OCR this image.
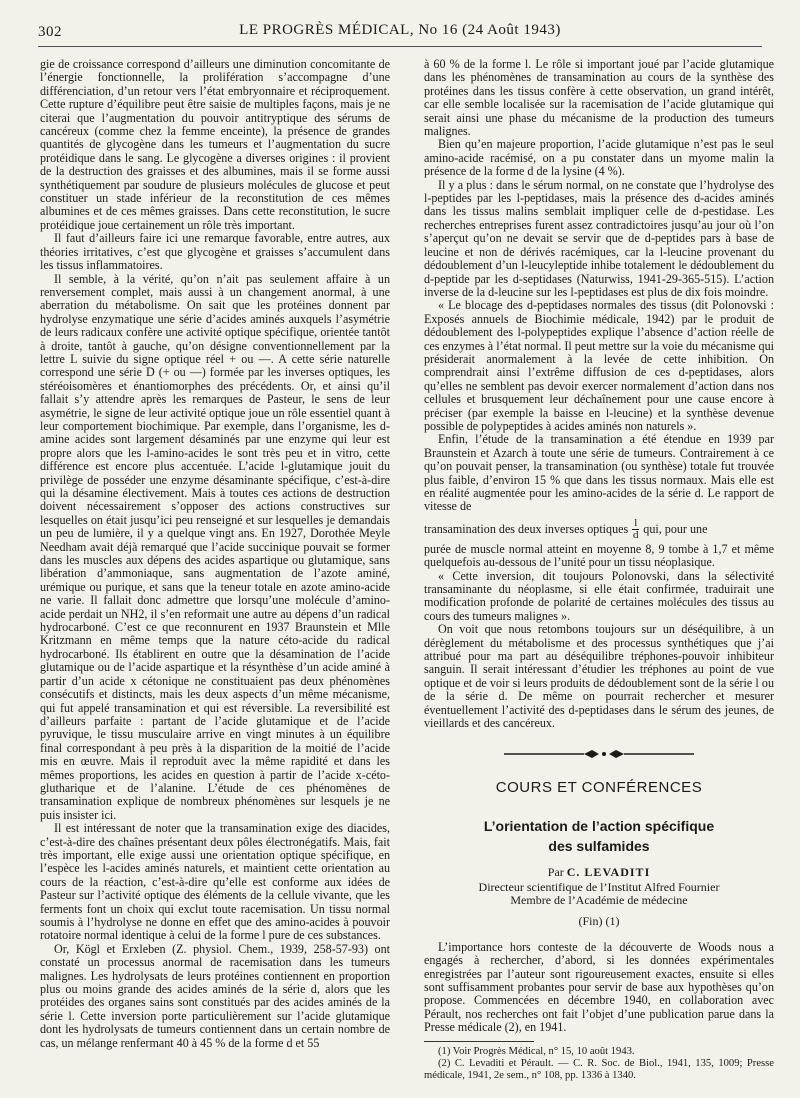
302	LE PROGRÈS MÉDICAL, No 16 (24 Août 1943)

gie de croissance correspond d’ailleurs une diminution concomitante de l’énergie fonctionnelle, la prolifération s’accompagne d’une différenciation, d’un retour vers l’état embryonnaire et réciproquement. Cette rupture d’équilibre peut être saisie de multiples façons, mais je ne citerai que l’augmentation du pouvoir antitryptique des sérums de cancéreux (comme chez la femme enceinte), la présence de grandes quantités de glycogène dans les tumeurs et l’augmentation du sucre protéidique dans le sang. Le glycogène a diverses origines : il provient de la destruction des graisses et des albumines, mais il se forme aussi synthétiquement par soudure de plusieurs molécules de glucose et peut constituer un stade inférieur de la reconstitution de ces mêmes albumines et de ces mêmes graisses. Dans cette reconstitution, le sucre protéidique joue certainement un rôle très important.

Il faut d’ailleurs faire ici une remarque favorable, entre autres, aux théories irritatives, c’est que glycogène et graisses s’accumulent dans les tissus inflammatoires.

Il semble, à la vérité, qu’on n’ait pas seulement affaire à un renversement complet, mais aussi à un changement anormal, à une aberration du métabolisme. On sait que les protéines donnent par hydrolyse enzymatique une série d’acides aminés auxquels l’asymétrie de leurs radicaux confère une activité optique spécifique, orientée tantôt à droite, tantôt à gauche, qu’on désigne conventionnellement par la lettre L suivie du signe optique réel + ou —. A cette série naturelle correspond une série D (+ ou —) formée par les inverses optiques, les stéréoisomères et énantiomorphes des précédents. Or, et ainsi qu’il fallait s’y attendre après les remarques de Pasteur, le sens de leur asymétrie, le signe de leur activité optique joue un rôle essentiel quant à leur comportement biochimique. Par exemple, dans l’organisme, les d-amine acides sont largement désaminés par une enzyme qui leur est propre alors que les l-amino-acides le sont très peu et in vitro, cette différence est encore plus accentuée. L’acide l-glutamique jouit du privilège de posséder une enzyme désaminante spécifique, c’est-à-dire qui la désamine électivement. Mais à toutes ces actions de destruction doivent nécessairement s’opposer des actions constructives sur lesquelles on était jusqu’ici peu renseigné et sur lesquelles je demandais un peu de lumière, il y a quelque vingt ans. En 1927, Dorothée Meyle Needham avait déjà remarqué que l’acide succinique pouvait se former dans les muscles aux dépens des acides aspartique ou glutamique, sans libération d’ammoniaque, sans augmentation de l’azote aminé, urémique ou purique, et sans que la teneur totale en azote amino-acide ne varie. Il fallait donc admettre que lorsqu’une molécule d’amino-acide perdait un NH2, il s’en reformait une autre au dépens d’un radical hydrocarboné. C’est ce que reconnurent en 1937 Braunstein et Mlle Kritzmann en même temps que la nature céto-acide du radical hydrocarboné. Ils établirent en outre que la désamination de l’acide glutamique ou de l’acide aspartique et la résynthèse d’un acide aminé à partir d’un acide x cétonique ne constituaient pas deux phénomènes consécutifs et distincts, mais les deux aspects d’un même mécanisme, qui fut appelé transamination et qui est réversible. La reversibilité est d’ailleurs parfaite : partant de l’acide glutamique et de l’acide pyruvique, le tissu musculaire arrive en vingt minutes à un équilibre final correspondant à peu près à la disparition de la moitié de l’acide mis en œuvre. Mais il reproduit avec la même rapidité et dans les mêmes proportions, les acides en question à partir de l’acide x-céto-gluthariquе et de l’alanine. L’étude de ces phénomènes de transamination explique de nombreux phénomènes sur lesquels je ne puis insister ici.

Il est intéressant de noter que la transamination exige des diacides, c’est-à-dire des chaînes présentant deux pôles électronégatifs. Mais, fait très important, elle exige aussi une orientation optique spécifique, en l’espèce les l-acides aminés naturels, et maintient cette orientation au cours de la réaction, c’est-à-dire qu’elle est conforme aux idées de Pasteur sur l’activité optique des éléments de la cellule vivante, que les ferments font un choix qui exclut toute racemisation. Un tissu normal soumis à l’hydrolyse ne donne en effet que des amino-acides à pouvoir rotatoire normal identique à celui de la forme l pure de ces substances.

Or, Kögl et Erxleben (Z. physiol. Chem., 1939, 258-57-93) ont constaté un processus anormal de racemisation dans les tumeurs malignes. Les hydrolysats de leurs protéines contiennent en proportion plus ou moins grande des acides aminés de la série d, alors que les protéides des organes sains sont constitués par des acides aminés de la série l. Cette inversion porte particulièrement sur l’acide glutamique dont les hydrolysats de tumeurs contiennent dans un certain nombre de cas, un mélange renfermant 40 à 45 % de la forme d et 55

à 60 % de la forme l. Le rôle si important joué par l’acide glutamique dans les phénomènes de transamination au cours de la synthèse des protéines dans les tissus confère à cette observation, un grand intérêt, car elle semble localisée sur la racemisation de l’acide glutamique qui serait ainsi une phase du mécanisme de la production des tumeurs malignes.

Bien qu’en majeure proportion, l’acide glutamique n’est pas le seul amino-acide racémisé, on a pu constater dans un myome malin la présence de la forme d de la lysine (4 %).

Il y a plus : dans le sérum normal, on ne constate que l’hydrolyse des l-peptides par les l-peptidases, mais la présence des d-acides aminés dans les tissus malins semblait impliquer celle de d-pestidase. Les recherches entreprises furent assez contradictoires jusqu’au jour où l’on s’aperçut qu’on ne devait se servir que de d-peptides pars à base de leucine et non de dérivés racémiques, car la l-leucine provenant du dédoublement d’un l-leucyleptide inhibe totalement le dédoublement du d-peptide par les d-septidases (Naturwiss, 1941-29-365-515). L’action inverse de la d-leucine sur les l-peptidases est plus de dix fois moindre.

« Le blocage des d-peptidases normales des tissus (dit Polonovski : Exposés annuels de Biochimie médicale, 1942) par le produit de dédoublement des l-polypeptides explique l’absence d’action réelle de ces enzymes à l’état normal. Il peut mettre sur la voie du mécanisme qui présiderait anormalement à la levée de cette inhibition. On comprendrait ainsi l’extrême diffusion de ces d-peptidases, alors qu’elles ne semblent pas devoir exercer normalement d’action dans nos cellules et brusquement leur déchaînement pour une cause encore à préciser (par exemple la baisse en l-leucine) et la synthèse devenue possible de polypeptides à acides aminés non naturels ».

Enfin, l’étude de la transamination a été étendue en 1939 par Braunstein et Azarch à toute une série de tumeurs. Contrairement à ce qu’on pouvait penser, la transamination (ou synthèse) totale fut trouvée plus faible, d’environ 15 % que dans les tissus normaux. Mais elle est en réalité augmentée pour les amino-acides de la série d. Le rapport de vitesse de

transamination des deux inverses optiques $\frac{l}{d}$ qui, pour une

purée de muscle normal atteint en moyenne 8, 9 tombe à 1,7 et même quelquefois au-dessous de l’unité pour un tissu néoplasique.

« Cette inversion, dit toujours Polonovski, dans la sélectivité transaminante du néoplasme, si elle était confirmée, traduirait une modification profonde de polarité de certaines molécules des tissus au cours des tumeurs malignes ».

On voit que nous retombons toujours sur un déséquilibre, à un dérèglement du métabolisme et des processus synthétiques que j’ai attribué pour ma part au déséquilibre tréphones-pouvoir inhibiteur sanguin. Il serait intéressant d’étudier les tréphones au point de vue optique et de voir si leurs produits de dédoublement sont de la série l ou de la série d. De même on pourrait rechercher et mesurer éventuellement l’activité des d-peptidases dans le sérum des jeunes, de vieillards et des cancéreux.

COURS ET CONFÉRENCES
L’orientation de l’action spécifique
des sulfamides
Par C. LEVADITI
Directeur scientifique de l’Institut Alfred Fournier
Membre de l’Académie de médecine
(Fin) (1)

L’importance hors conteste de la découverte de Woods nous a engagés à rechercher, d’abord, si les données expérimentales enregistrées par l’auteur sont rigoureusement exactes, ensuite si elles sont suffisamment probantes pour servir de base aux hypothèses qu’on propose. Commencées en décembre 1940, en collaboration avec Pérault, nos recherches ont fait l’objet d’une publication parue dans la Presse médicale (2), en 1941.

(1) Voir Progrès Médical, n° 15, 10 août 1943.

(2) C. Levaditi et Pérault. — C. R. Soc. de Biol., 1941, 135, 1009; Presse médicale, 1941, 2e sem., n° 108, pp. 1336 à 1340.
